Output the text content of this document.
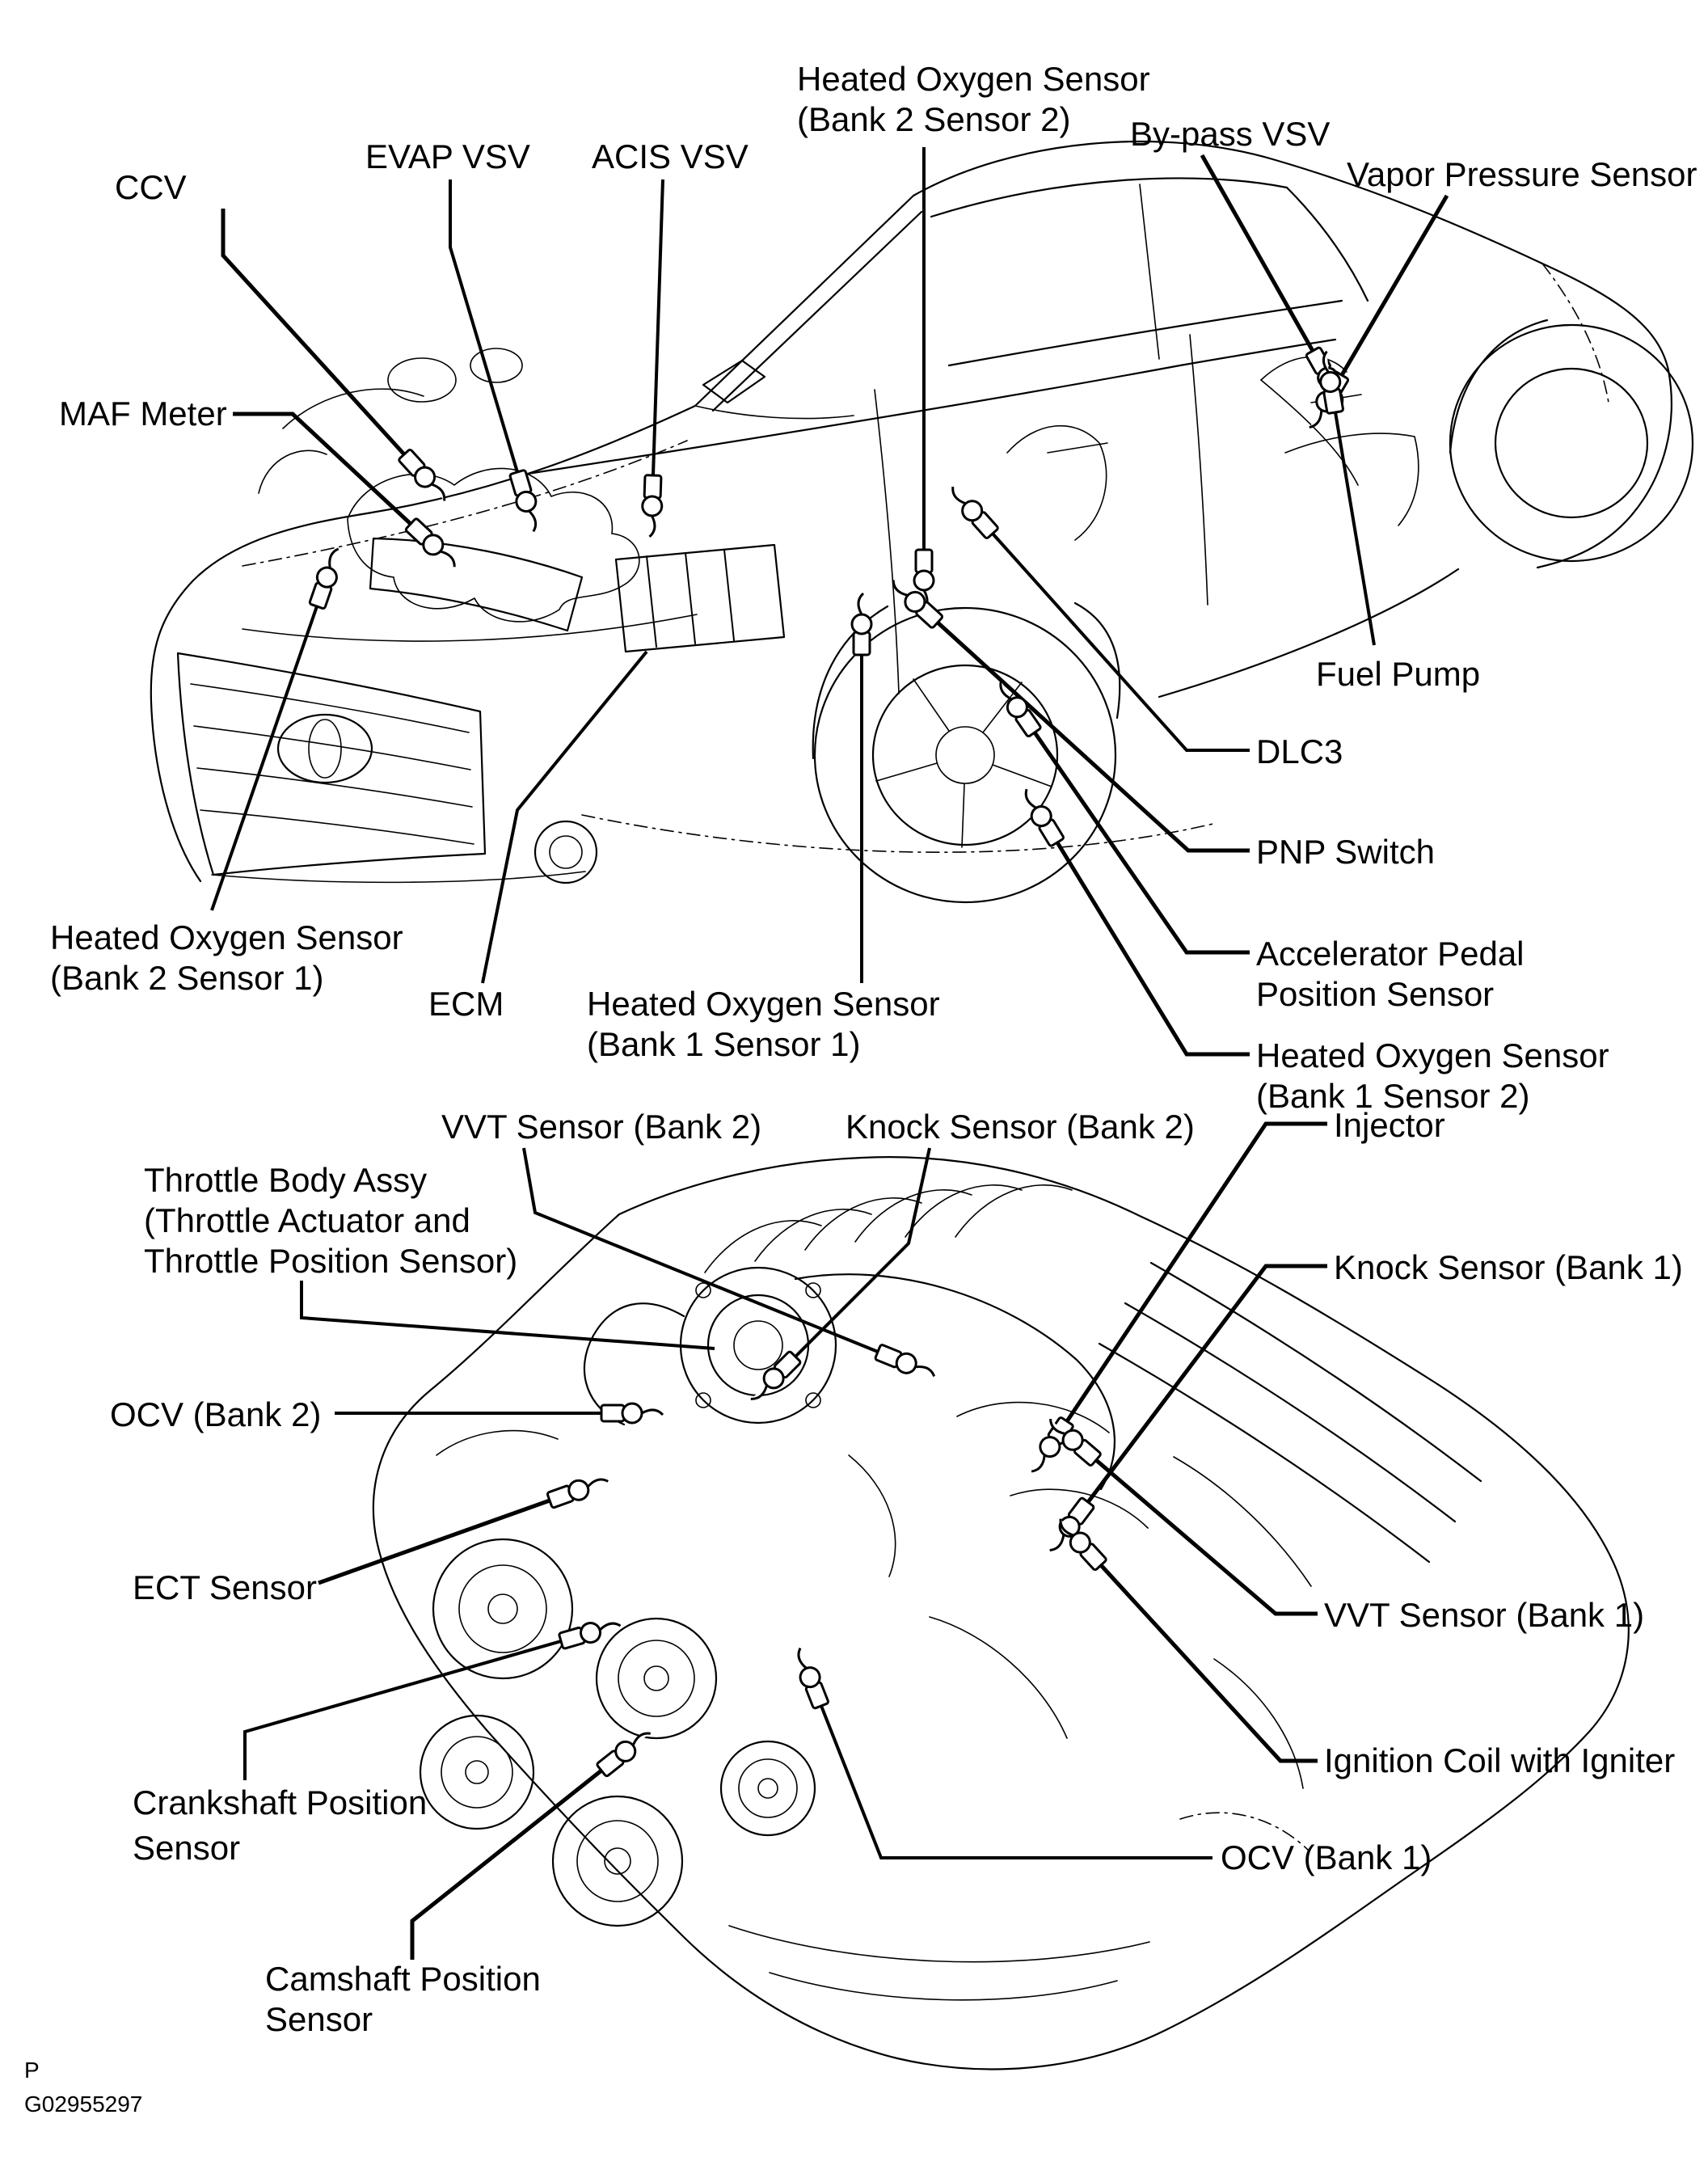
CCV
EVAP VSV ACIS VSV
Heated Oxygen Sensor (Bank 2 Sensor 2)	By-pass VSV
Vapor Pressure Sensor
MAF Meter
Fuel Pump
DLC3
PNP Switch
Accelerator Pedal Position Sensor
Heated Oxygen Sensor (Bank 1 Sensor 2)
Heated Oxygen Sensor (Bank 2 Sensor 1)
ECM Heated Oxygen Sensor (Bank 1 Sensor 1)
VVT Sensor (Bank 2) Knock Sensor (Bank 2)	Injector
Knock Sensor (Bank 1)
Throttle Body Assy (Throttle Actuator and Throttle Position Sensor)
OCV (Bank 2)
ECT Sensor
Crankshaft Position Sensor
Camshaft Position Sensor
VVT Sensor (Bank 1)
Ignition Coil with Igniter
OCV (Bank 1)
P
G02955297
